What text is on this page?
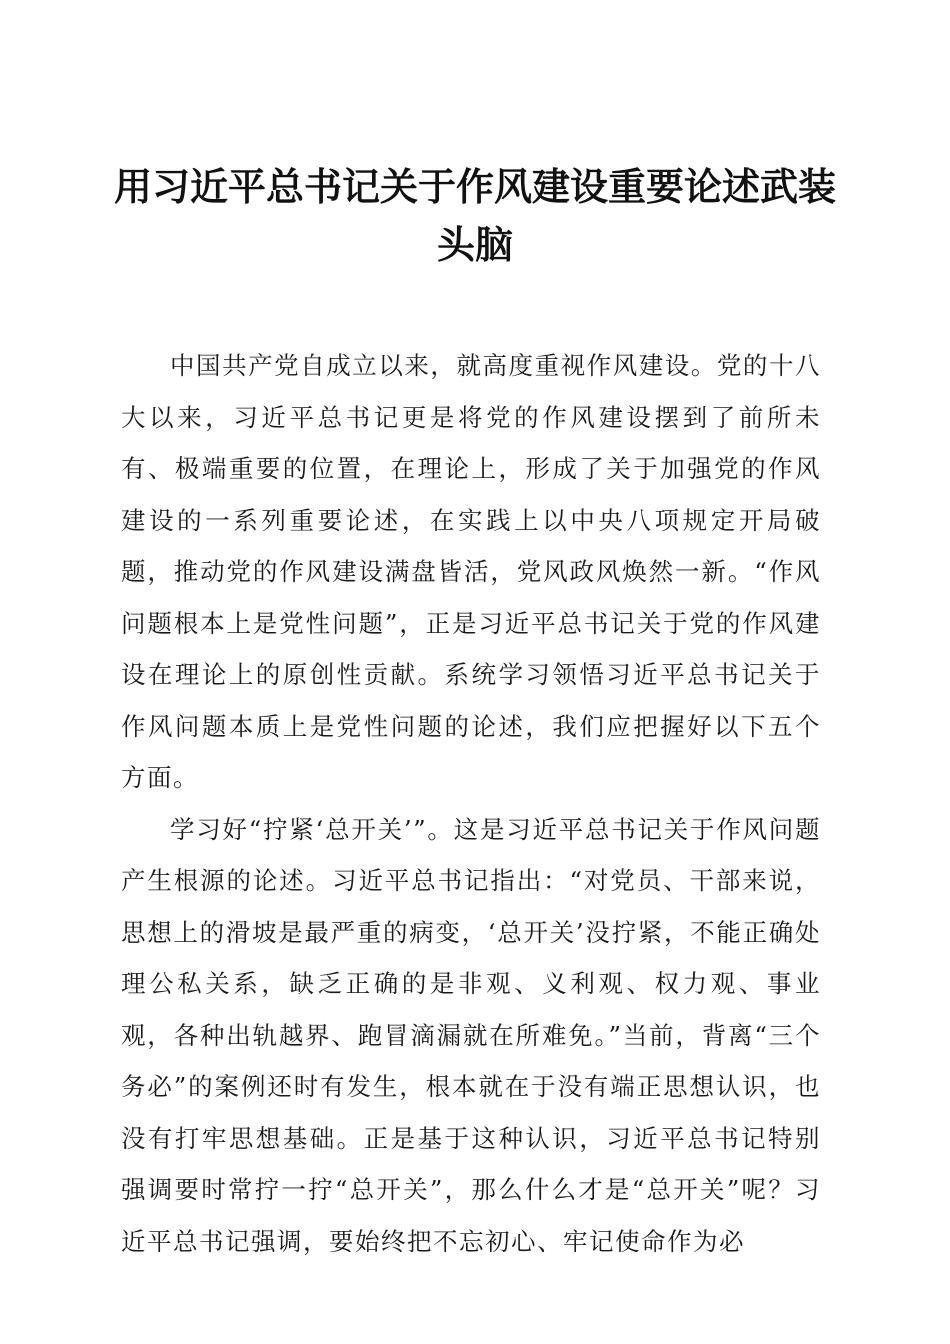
用习近平总书记关于作风建设重要论述武装头脑

中国共产党自成立以来，就高度重视作风建设。党的十八大以来，习近平总书记更是将党的作风建设摆到了前所未有、极端重要的位置，在理论上，形成了关于加强党的作风建设的一系列重要论述，在实践上以中央八项规定开局破题，推动党的作风建设满盘皆活，党风政风焕然一新。“作风问题根本上是党性问题”，正是习近平总书记关于党的作风建设在理论上的原创性贡献。系统学习领悟习近平总书记关于作风问题本质上是党性问题的论述，我们应把握好以下五个方面。

学习好“拧紧‘总开关’”。这是习近平总书记关于作风问题产生根源的论述。习近平总书记指出：“对党员、干部来说，思想上的滑坡是最严重的病变，‘总开关’没拧紧，不能正确处理公私关系，缺乏正确的是非观、义利观、权力观、事业观，各种出轨越界、跑冒滴漏就在所难免。”当前，背离“三个务必”的案例还时有发生，根本就在于没有端正思想认识，也没有打牢思想基础。正是基于这种认识，习近平总书记特别强调要时常拧一拧“总开关”，那么什么才是“总开关”呢？习近平总书记强调，要始终把不忘初心、牢记使命作为必
